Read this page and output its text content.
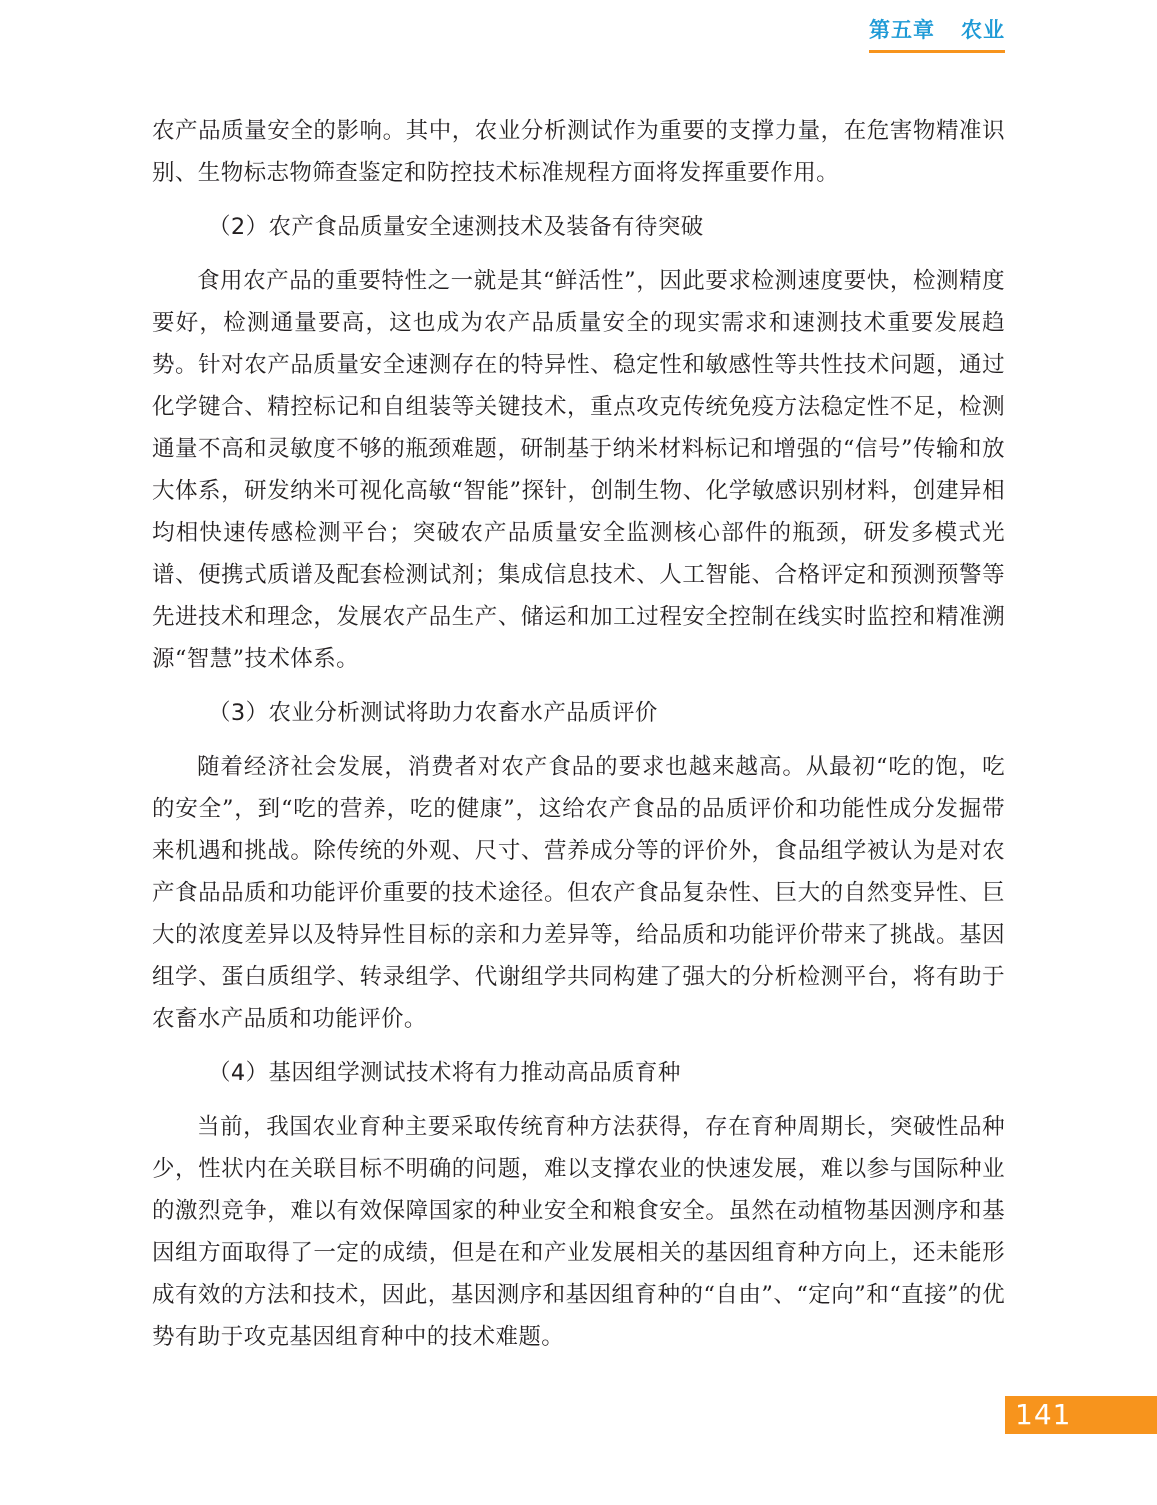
第五章 农业

农产品质量安全的影响。其中，农业分析测试作为重要的支撑力量，在危害物精准识别、生物标志物筛查鉴定和防控技术标准规程方面将发挥重要作用。

（2）农产食品质量安全速测技术及装备有待突破

食用农产品的重要特性之一就是其“鲜活性”，因此要求检测速度要快，检测精度要好，检测通量要高，这也成为农产品质量安全的现实需求和速测技术重要发展趋势。针对农产品质量安全速测存在的特异性、稳定性和敏感性等共性技术问题，通过化学键合、精控标记和自组装等关键技术，重点攻克传统免疫方法稳定性不足，检测通量不高和灵敏度不够的瓶颈难题，研制基于纳米材料标记和增强的“信号”传输和放大体系，研发纳米可视化高敏“智能”探针，创制生物、化学敏感识别材料，创建异相均相快速传感检测平台；突破农产品质量安全监测核心部件的瓶颈，研发多模式光谱、便携式质谱及配套检测试剂；集成信息技术、人工智能、合格评定和预测预警等先进技术和理念，发展农产品生产、储运和加工过程安全控制在线实时监控和精准溯源“智慧”技术体系。

（3）农业分析测试将助力农畜水产品质评价

随着经济社会发展，消费者对农产食品的要求也越来越高。从最初“吃的饱，吃的安全”，到“吃的营养，吃的健康”，这给农产食品的品质评价和功能性成分发掘带来机遇和挑战。除传统的外观、尺寸、营养成分等的评价外，食品组学被认为是对农产食品品质和功能评价重要的技术途径。但农产食品复杂性、巨大的自然变异性、巨大的浓度差异以及特异性目标的亲和力差异等，给品质和功能评价带来了挑战。基因组学、蛋白质组学、转录组学、代谢组学共同构建了强大的分析检测平台，将有助于农畜水产品质和功能评价。

（4）基因组学测试技术将有力推动高品质育种

当前，我国农业育种主要采取传统育种方法获得，存在育种周期长，突破性品种少，性状内在关联目标不明确的问题，难以支撑农业的快速发展，难以参与国际种业的激烈竞争，难以有效保障国家的种业安全和粮食安全。虽然在动植物基因测序和基因组方面取得了一定的成绩，但是在和产业发展相关的基因组育种方向上，还未能形成有效的方法和技术，因此，基因测序和基因组育种的“自由”、“定向”和“直接”的优势有助于攻克基因组育种中的技术难题。

141
